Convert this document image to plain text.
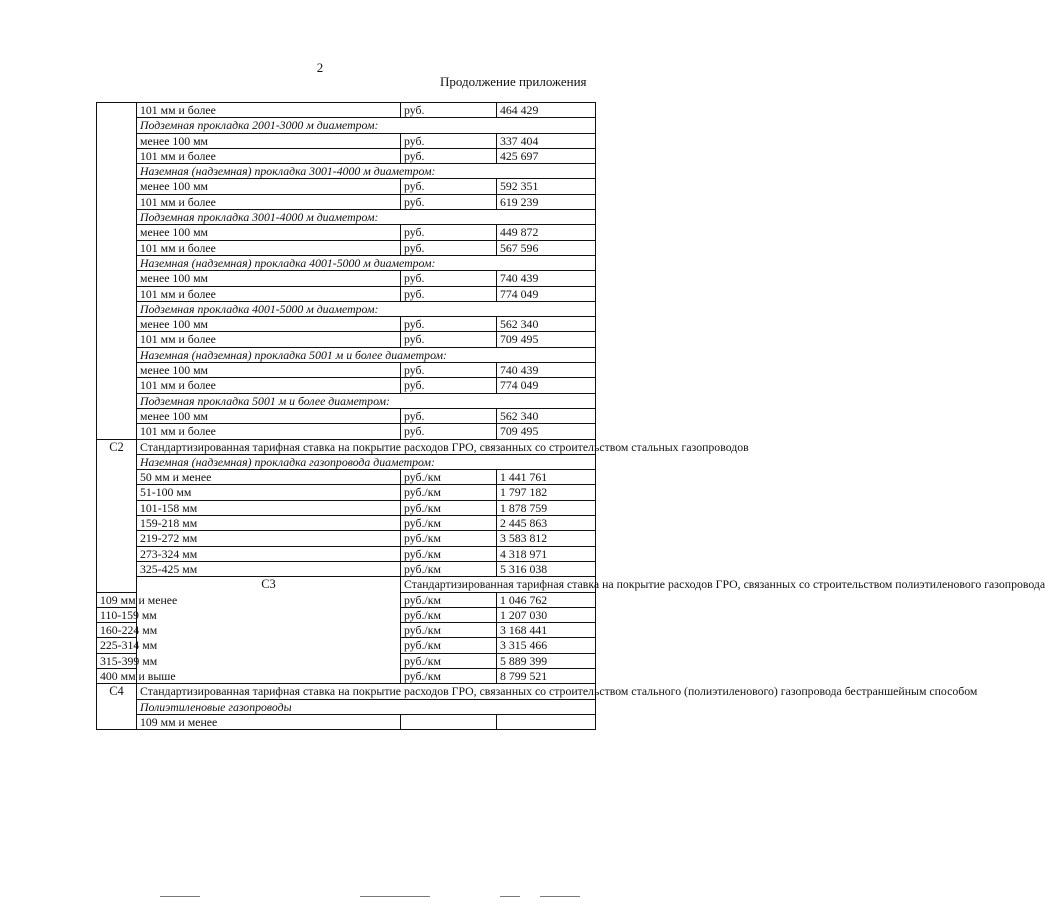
2
Продолжение приложения
	101 мм и более	руб.	464 429
	Подземная прокладка 2001-3000 м диаметром:		
	менее 100 мм	руб.	337 404
	101 мм и более	руб.	425 697
	Наземная (надземная) прокладка 3001-4000 м диаметром:		
	менее 100 мм	руб.	592 351
	101 мм и более	руб.	619 239
	Подземная прокладка 3001-4000 м диаметром:		
	менее 100 мм	руб.	449 872
	101 мм и более	руб.	567 596
	Наземная (надземная) прокладка 4001-5000 м диаметром:		
	менее 100 мм	руб.	740 439
	101 мм и более	руб.	774 049
	Подземная прокладка 4001-5000 м диаметром:		
	менее 100 мм	руб.	562 340
	101 мм и более	руб.	709 495
	Наземная (надземная) прокладка 5001 м и более диаметром:		
	менее 100 мм	руб.	740 439
	101 мм и более	руб.	774 049
	Подземная прокладка 5001 м и более диаметром:		
	менее 100 мм	руб.	562 340
	101 мм и более	руб.	709 495
C2	Стандартизированная тарифная ставка на покрытие расходов ГРО, связанных со строительством стальных газопроводов		
	Наземная (надземная) прокладка газопровода диаметром:		
	50 мм и менее	руб./км	1 441 761
	51-100 мм	руб./км	1 797 182
	101-158 мм	руб./км	1 878 759
	159-218 мм	руб./км	2 445 863
	219-272 мм	руб./км	3 583 812
	273-324 мм	руб./км	4 318 971
	325-425 мм	руб./км	5 316 038
	C3	Стандартизированная тарифная ставка на покрытие расходов ГРО, связанных со строительством полиэтиленового газопровода	
109 мм и менее		руб./км	1 046 762
110-159 мм		руб./км	1 207 030
160-224 мм		руб./км	3 168 441
225-314 мм		руб./км	3 315 466
315-399 мм		руб./км	5 889 399
400 мм и выше		руб./км	8 799 521
C4	Стандартизированная тарифная ставка на покрытие расходов ГРО, связанных со строительством стального (полиэтиленового) газопровода бестраншейным способом		
	Полиэтиленовые газопроводы		
	109 мм и менее		
